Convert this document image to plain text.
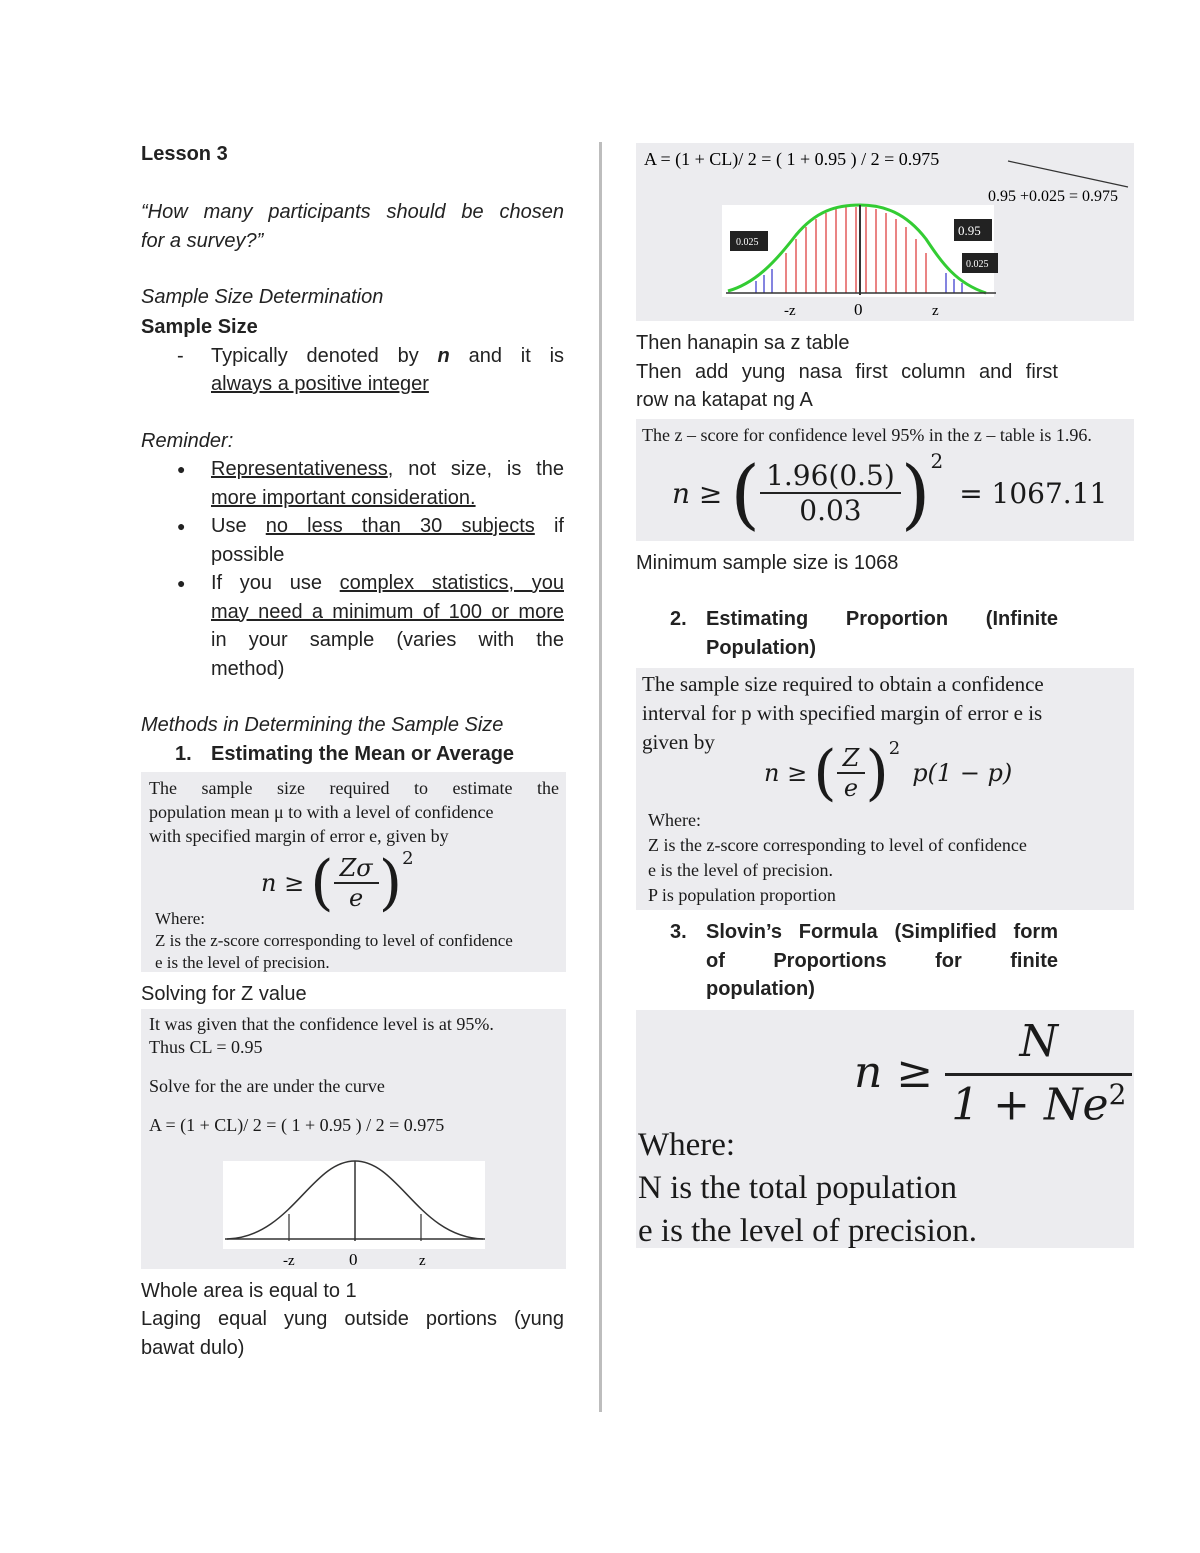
Lesson 3
“How many participants should be chosen
for a survey?”
Sample Size Determination
Sample Size
- Typically denoted by n and it is
always a positive integer
Reminder:
● Representativeness, not size, is the
more important consideration.
● Use no less than 30 subjects if
possible
● If you use complex statistics, you
may need a minimum of 100 or more
in your sample (varies with the
method)
Methods in Determining the Sample Size
1. Estimating the Mean or Average
The sample size required to estimate the
population mean μ to with a level of confidence
with specified margin of error e, given by
n ≥ ( $\frac{Z\sigma}{e} )^2$
Where:
Z is the z-score corresponding to level of confidence
e is the level of precision.
Solving for Z value
It was given that the confidence level is at 95%.
Thus CL = 0.95
Solve for the are under the curve
A = (1 + CL)/ 2 = ( 1 + 0.95 ) / 2 = 0.975
-z	0	z
Whole area is equal to 1
Laging equal yung outside portions (yung
bawat dulo)
A = (1 + CL)/ 2 = ( 1 + 0.95 ) / 2 = 0.975
0.95 +0.025 = 0.975
0.025
0.95
0.025
-z	0	z
Then hanapin sa z table
Then add yung nasa first column and first
row na katapat ng A
The z – score for confidence level 95% in the z – table is 1.96.
n ≥ ( $\frac{1.96(0.5)}{0.03} )^2$
= 1067.11
Minimum sample size is 1068
2. Estimating Proportion (Infinite
Population)
The sample size required to obtain a confidence
interval for p with specified margin of error e is
given by
n ≥ ( $\frac{Z}{e} )^2$
p(1 − p)
Where:
Z is the z-score corresponding to level of confidence
e is the level of precision.
P is population proportion
3. Slovin’s Formula (Simplified form
of Proportions for finite
population)
$n \ge \frac{N}{1 + Ne^2}$
Where:
N is the total population
e is the level of precision.
